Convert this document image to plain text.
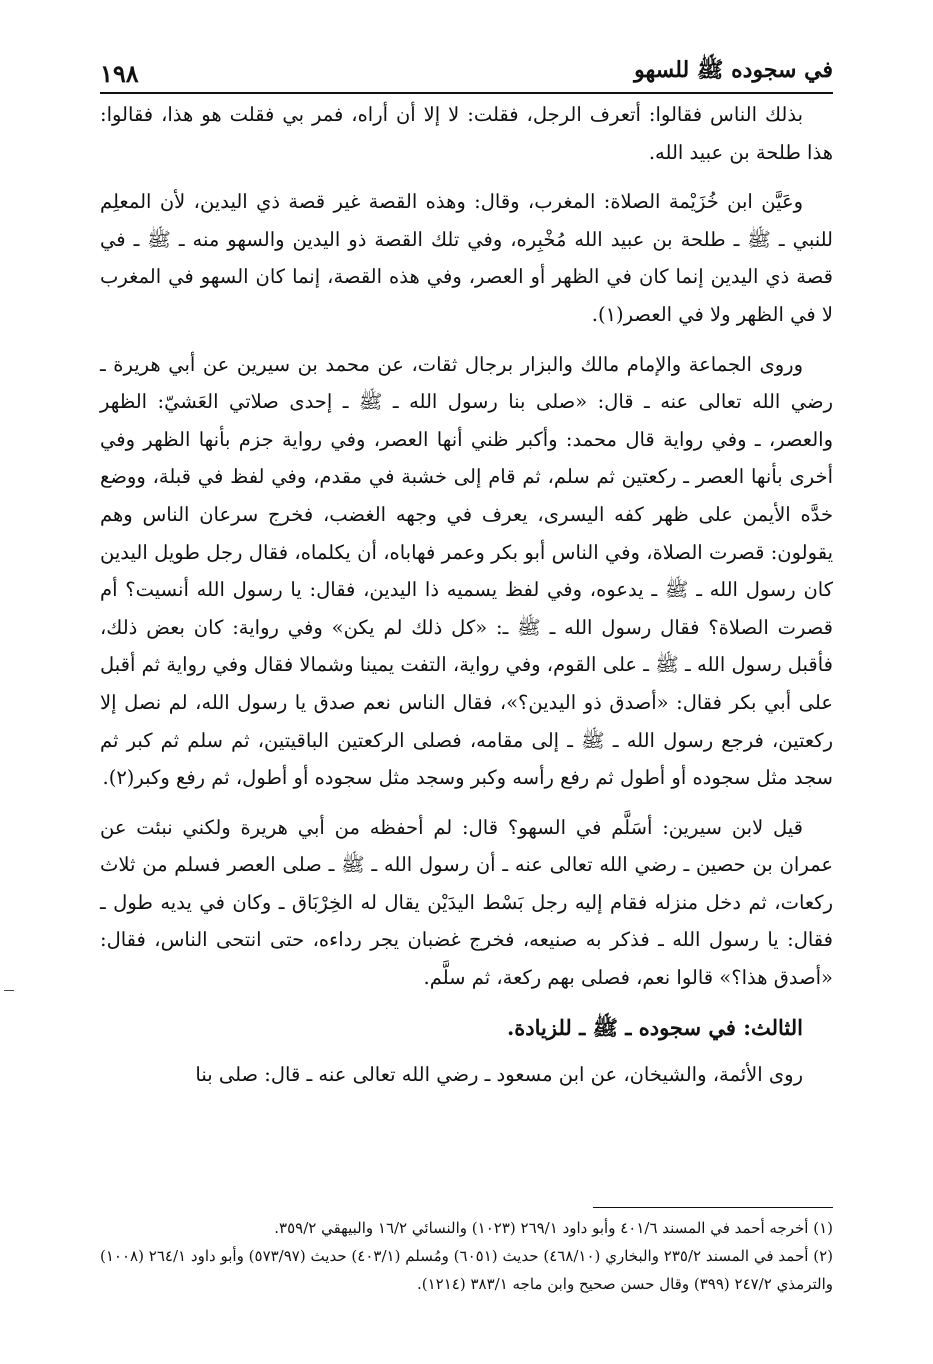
في سجوده ﷺ للسهو
١٩٨

بذلك الناس فقالوا: أتعرف الرجل، فقلت: لا إلا أن أراه، فمر بي فقلت هو هذا، فقالوا: هذا طلحة بن عبيد الله.

وعَيَّن ابن خُزَيْمة الصلاة: المغرب، وقال: وهذه القصة غير قصة ذي اليدين، لأن المعلِم للنبي ـ ﷺ ـ طلحة بن عبيد الله مُخْبِره، وفي تلك القصة ذو اليدين والسهو منه ـ ﷺ ـ في قصة ذي اليدين إنما كان في الظهر أو العصر، وفي هذه القصة، إنما كان السهو في المغرب لا في الظهر ولا في العصر(١).

وروى الجماعة والإمام مالك والبزار برجال ثقات، عن محمد بن سيرين عن أبي هريرة ـ رضي الله تعالى عنه ـ قال: «صلى بنا رسول الله ـ ﷺ ـ إحدى صلاتي العَشيّ: الظهر والعصر، ـ وفي رواية قال محمد: وأكبر ظني أنها العصر، وفي رواية جزم بأنها الظهر وفي أخرى بأنها العصر ـ ركعتين ثم سلم، ثم قام إلى خشبة في مقدم، وفي لفظ في قبلة، ووضع خدَّه الأيمن على ظهر كفه اليسرى، يعرف في وجهه الغضب، فخرج سرعان الناس وهم يقولون: قصرت الصلاة، وفي الناس أبو بكر وعمر فهاباه، أن يكلماه، فقال رجل طويل اليدين كان رسول الله ـ ﷺ ـ يدعوه، وفي لفظ يسميه ذا اليدين، فقال: يا رسول الله أنسيت؟ أم قصرت الصلاة؟ فقال رسول الله ـ ﷺ ـ: «كل ذلك لم يكن» وفي رواية: كان بعض ذلك، فأقبل رسول الله ـ ﷺ ـ على القوم، وفي رواية، التفت يمينا وشمالا فقال وفي رواية ثم أقبل على أبي بكر فقال: «أصدق ذو اليدين؟»، فقال الناس نعم صدق يا رسول الله، لم نصل إلا ركعتين، فرجع رسول الله ـ ﷺ ـ إلى مقامه، فصلى الركعتين الباقيتين، ثم سلم ثم كبر ثم سجد مثل سجوده أو أطول ثم رفع رأسه وكبر وسجد مثل سجوده أو أطول، ثم رفع وكبر(٢).

قيل لابن سيرين: أسَلَّم في السهو؟ قال: لم أحفظه من أبي هريرة ولكني نبئت عن عمران بن حصين ـ رضي الله تعالى عنه ـ أن رسول الله ـ ﷺ ـ صلى العصر فسلم من ثلاث ركعات، ثم دخل منزله فقام إليه رجل بَسْط اليدَيْن يقال له الخِرْبَاق ـ وكان في يديه طول ـ فقال: يا رسول الله ـ فذكر به صنيعه، فخرج غضبان يجر رداءه، حتى انتحى الناس، فقال: «أصدق هذا؟» قالوا نعم، فصلى بهم ركعة، ثم سلَّم.

الثالث: في سجوده ـ ﷺ ـ للزيادة.

روى الأئمة، والشيخان، عن ابن مسعود ـ رضي الله تعالى عنه ـ قال: صلى بنا

(١) أخرجه أحمد في المسند ٤٠١/٦ وأبو داود ٢٦٩/١ (١٠٢٣) والنسائي ١٦/٢ والبيهقي ٣٥٩/٢.

(٢) أحمد في المسند ٢٣٥/٢ والبخاري (٤٦٨/١٠) حديث (٦٠٥١) ومُسلم (٤٠٣/١) حديث (٥٧٣/٩٧) وأبو داود ٢٦٤/١ (١٠٠٨) والترمذي ٢٤٧/٢ (٣٩٩) وقال حسن صحيح وابن ماجه ٣٨٣/١ (١٢١٤).
